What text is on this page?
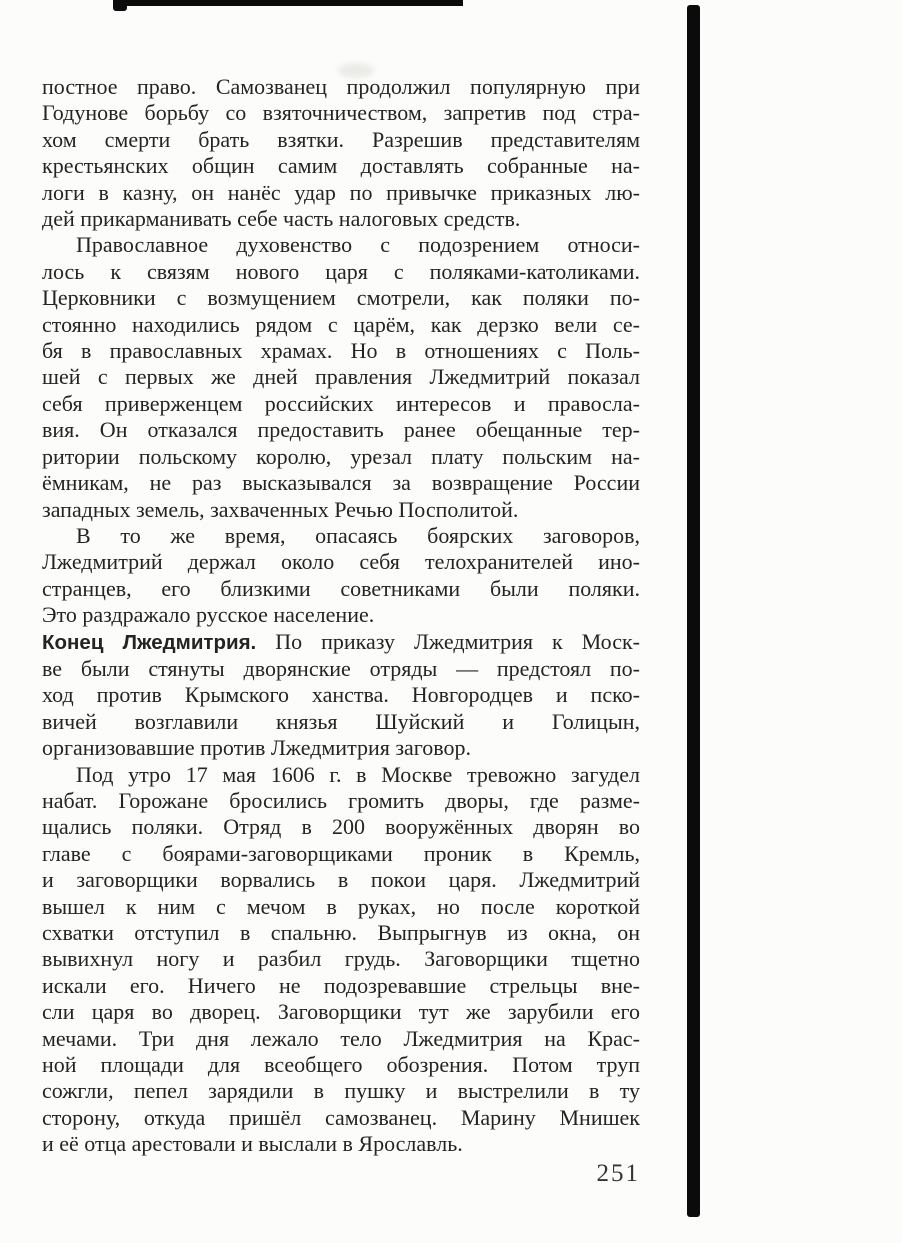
постное право. Самозванец продолжил популярную при
Годунове борьбу со взяточничеством, запретив под стра-
хом смерти брать взятки. Разрешив представителям
крестьянских общин самим доставлять собранные на-
логи в казну, он нанёс удар по привычке приказных лю-
дей прикарманивать себе часть налоговых средств.
Православное духовенство с подозрением относи-
лось к связям нового царя с поляками-католиками.
Церковники с возмущением смотрели, как поляки по-
стоянно находились рядом с царём, как дерзко вели се-
бя в православных храмах. Но в отношениях с Поль-
шей с первых же дней правления Лжедмитрий показал
себя приверженцем российских интересов и правосла-
вия. Он отказался предоставить ранее обещанные тер-
ритории польскому королю, урезал плату польским на-
ёмникам, не раз высказывался за возвращение России
западных земель, захваченных Речью Посполитой.
В то же время, опасаясь боярских заговоров,
Лжедмитрий держал около себя телохранителей ино-
странцев, его близкими советниками были поляки.
Это раздражало русское население.
Конец Лжедмитрия. По приказу Лжедмитрия к Моск-
ве были стянуты дворянские отряды — предстоял по-
ход против Крымского ханства. Новгородцев и пско-
вичей возглавили князья Шуйский и Голицын,
организовавшие против Лжедмитрия заговор.
Под утро 17 мая 1606 г. в Москве тревожно загудел
набат. Горожане бросились громить дворы, где разме-
щались поляки. Отряд в 200 вооружённых дворян во
главе с боярами-заговорщиками проник в Кремль,
и заговорщики ворвались в покои царя. Лжедмитрий
вышел к ним с мечом в руках, но после короткой
схватки отступил в спальню. Выпрыгнув из окна, он
вывихнул ногу и разбил грудь. Заговорщики тщетно
искали его. Ничего не подозревавшие стрельцы вне-
сли царя во дворец. Заговорщики тут же зарубили его
мечами. Три дня лежало тело Лжедмитрия на Крас-
ной площади для всеобщего обозрения. Потом труп
сожгли, пепел зарядили в пушку и выстрелили в ту
сторону, откуда пришёл самозванец. Марину Мнишек
и её отца арестовали и выслали в Ярославль.
251
